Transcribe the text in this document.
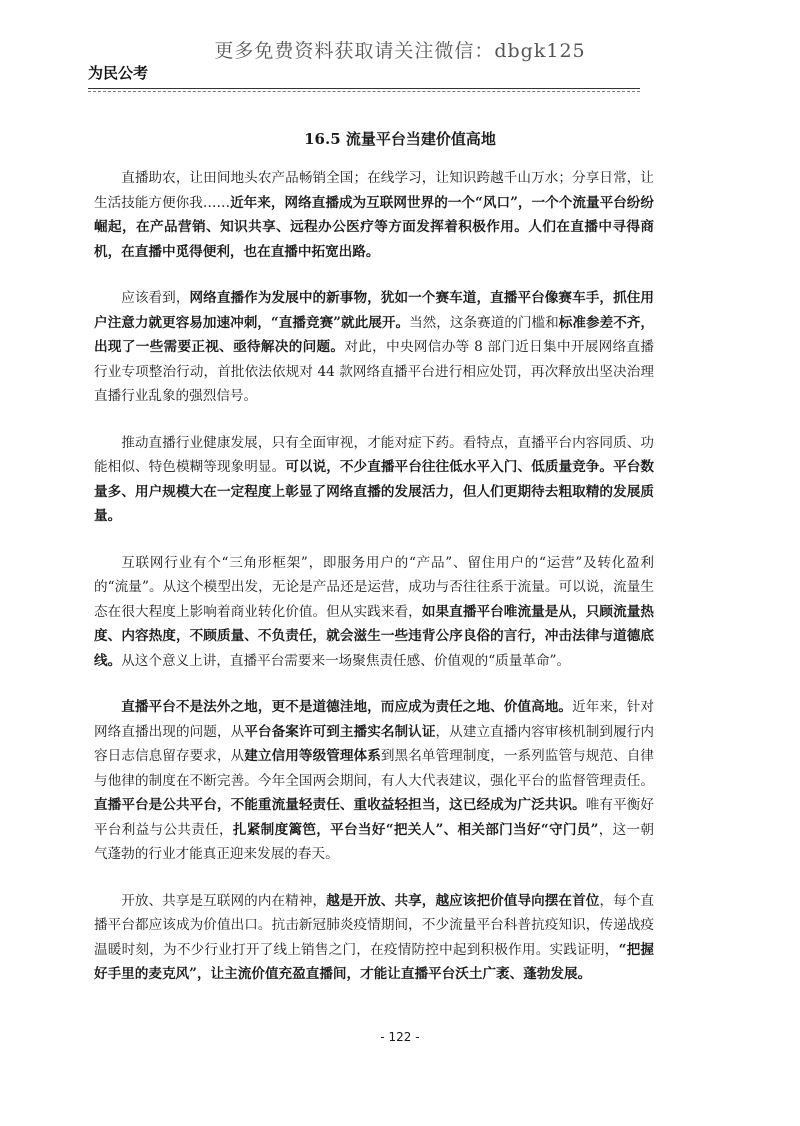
更多免费资料获取请关注微信：dbgk125
为民公考
16.5 流量平台当建价值高地

直播助农，让田间地头农产品畅销全国；在线学习，让知识跨越千山万水；分享日常，让生活技能方便你我……近年来，网络直播成为互联网世界的一个“风口”，一个个流量平台纷纷崛起，在产品营销、知识共享、远程办公医疗等方面发挥着积极作用。人们在直播中寻得商机，在直播中觅得便利，也在直播中拓宽出路。

应该看到，网络直播作为发展中的新事物，犹如一个赛车道，直播平台像赛车手，抓住用户注意力就更容易加速冲刺，“直播竞赛”就此展开。当然，这条赛道的门槛和标准参差不齐，出现了一些需要正视、亟待解决的问题。对此，中央网信办等 8 部门近日集中开展网络直播行业专项整治行动，首批依法依规对 44 款网络直播平台进行相应处罚，再次释放出坚决治理直播行业乱象的强烈信号。

推动直播行业健康发展，只有全面审视，才能对症下药。看特点，直播平台内容同质、功能相似、特色模糊等现象明显。可以说，不少直播平台往往低水平入门、低质量竞争。平台数量多、用户规模大在一定程度上彰显了网络直播的发展活力，但人们更期待去粗取精的发展质量。

互联网行业有个“三角形框架”，即服务用户的“产品”、留住用户的“运营”及转化盈利的“流量”。从这个模型出发，无论是产品还是运营，成功与否往往系于流量。可以说，流量生态在很大程度上影响着商业转化价值。但从实践来看，如果直播平台唯流量是从，只顾流量热度、内容热度，不顾质量、不负责任，就会滋生一些违背公序良俗的言行，冲击法律与道德底线。从这个意义上讲，直播平台需要来一场聚焦责任感、价值观的“质量革命”。

直播平台不是法外之地，更不是道德洼地，而应成为责任之地、价值高地。近年来，针对网络直播出现的问题，从平台备案许可到主播实名制认证，从建立直播内容审核机制到履行内容日志信息留存要求，从建立信用等级管理体系到黑名单管理制度，一系列监管与规范、自律与他律的制度在不断完善。今年全国两会期间，有人大代表建议，强化平台的监督管理责任。直播平台是公共平台，不能重流量轻责任、重收益轻担当，这已经成为广泛共识。唯有平衡好平台利益与公共责任，扎紧制度篱笆，平台当好“把关人”、相关部门当好“守门员”，这一朝气蓬勃的行业才能真正迎来发展的春天。

开放、共享是互联网的内在精神，越是开放、共享，越应该把价值导向摆在首位，每个直播平台都应该成为价值出口。抗击新冠肺炎疫情期间，不少流量平台科普抗疫知识，传递战疫温暖时刻，为不少行业打开了线上销售之门，在疫情防控中起到积极作用。实践证明，“把握好手里的麦克风”，让主流价值充盈直播间，才能让直播平台沃土广袤、蓬勃发展。

- 122 -
